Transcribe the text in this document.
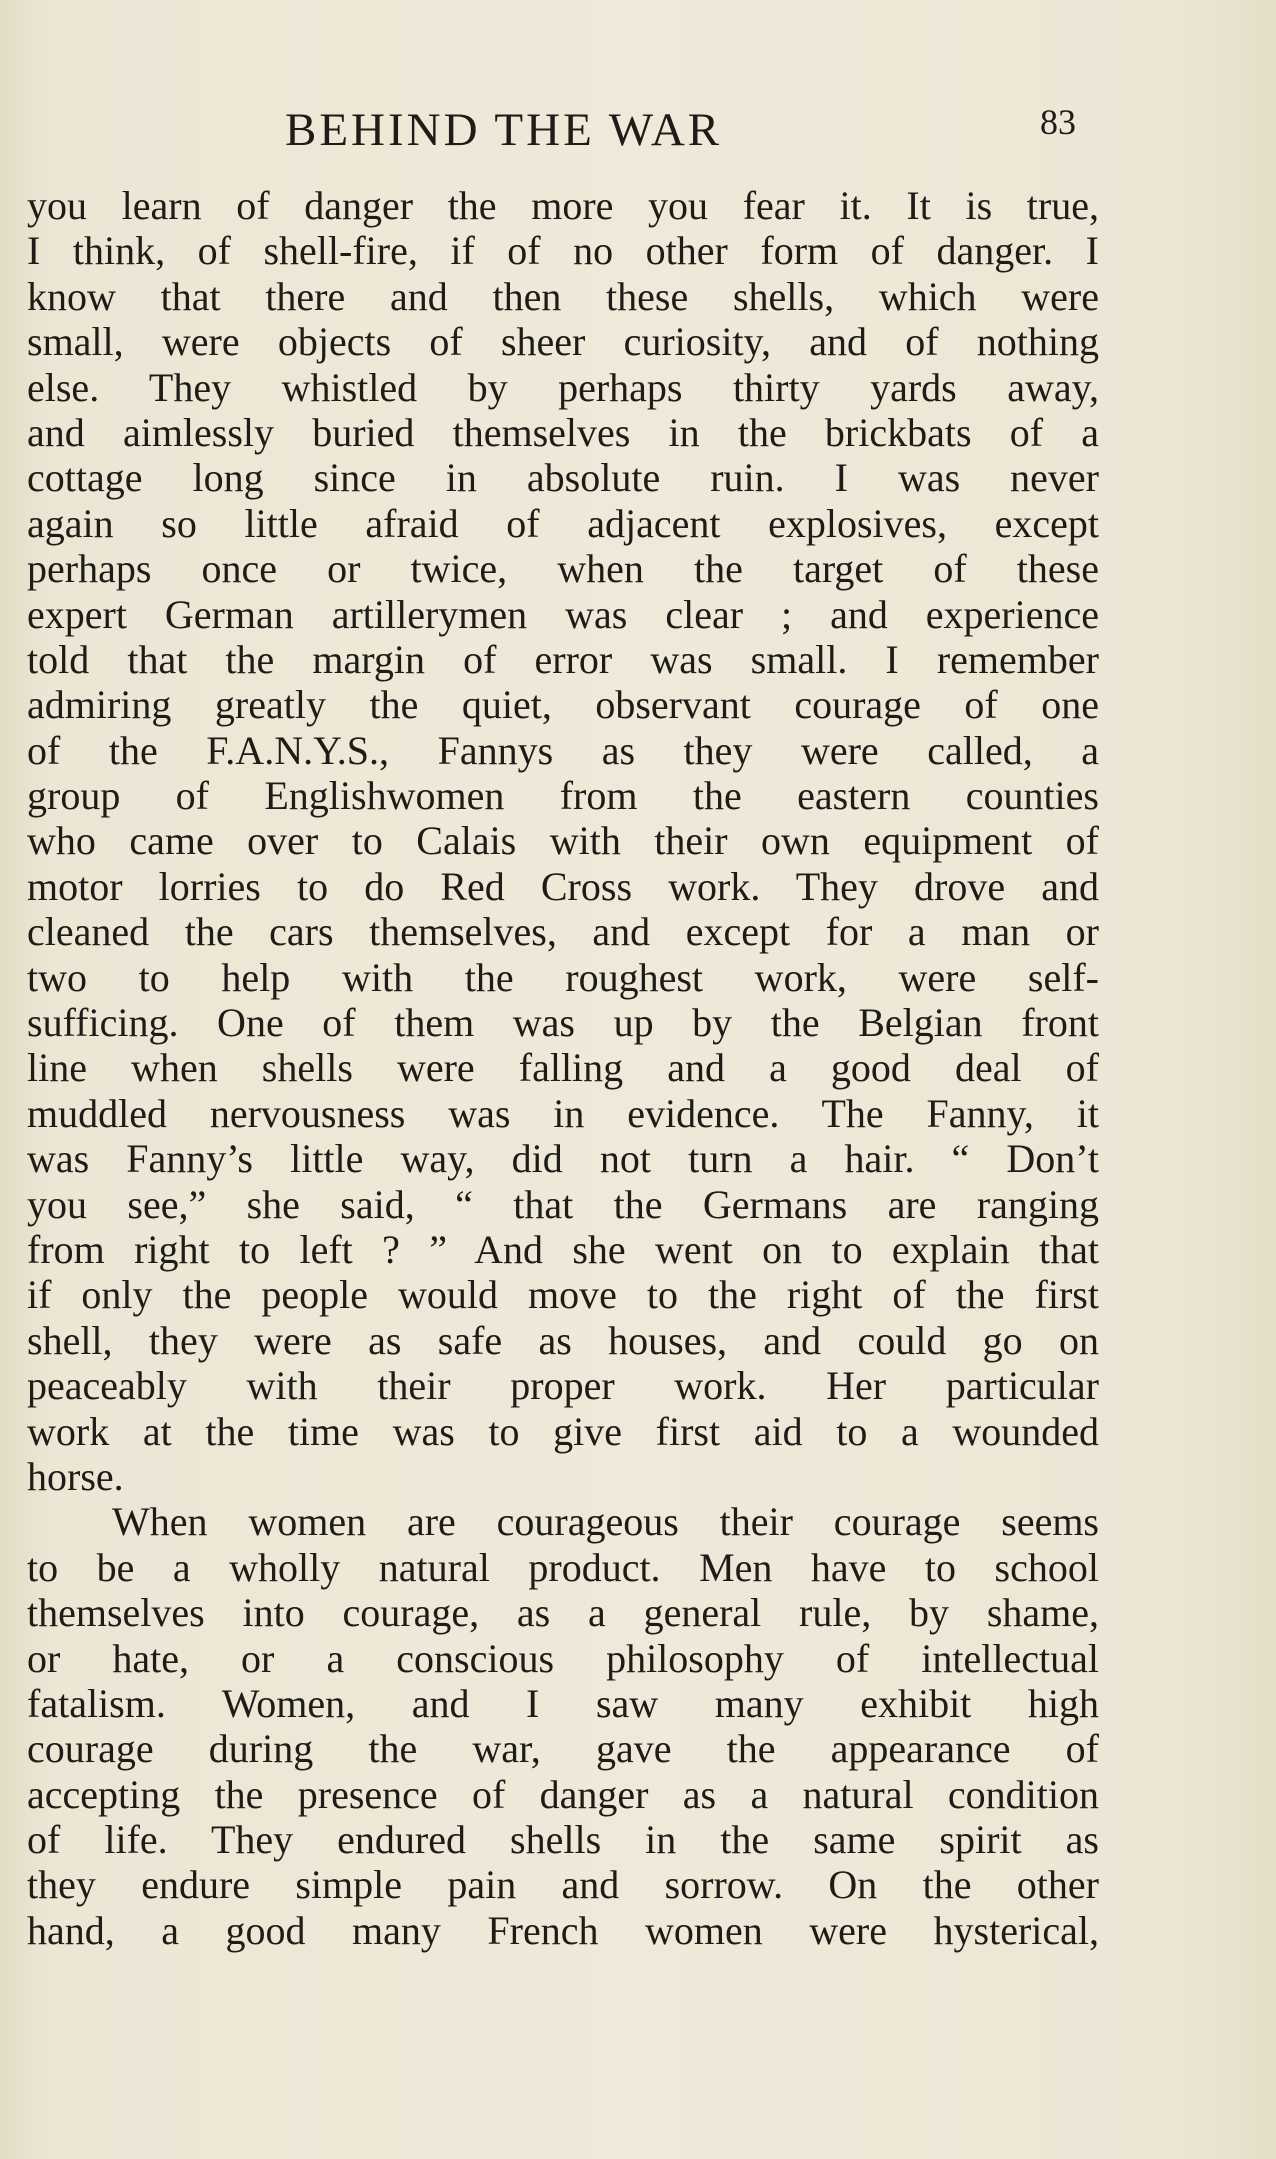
BEHIND THE WAR	83
you learn of danger the more you fear it. It is true,
I think, of shell-fire, if of no other form of danger. I
know that there and then these shells, which were
small, were objects of sheer curiosity, and of nothing
else. They whistled by perhaps thirty yards away,
and aimlessly buried themselves in the brickbats of a
cottage long since in absolute ruin. I was never
again so little afraid of adjacent explosives, except
perhaps once or twice, when the target of these
expert German artillerymen was clear ; and experience
told that the margin of error was small. I remember
admiring greatly the quiet, observant courage of one
of the F.A.N.Y.S., Fannys as they were called, a
group of Englishwomen from the eastern counties
who came over to Calais with their own equipment of
motor lorries to do Red Cross work. They drove and
cleaned the cars themselves, and except for a man or
two to help with the roughest work, were self-
sufficing. One of them was up by the Belgian front
line when shells were falling and a good deal of
muddled nervousness was in evidence. The Fanny, it
was Fanny’s little way, did not turn a hair. “ Don’t
you see,” she said, “ that the Germans are ranging
from right to left ? ” And she went on to explain that
if only the people would move to the right of the first
shell, they were as safe as houses, and could go on
peaceably with their proper work. Her particular
work at the time was to give first aid to a wounded
horse.
When women are courageous their courage seems
to be a wholly natural product. Men have to school
themselves into courage, as a general rule, by shame,
or hate, or a conscious philosophy of intellectual
fatalism. Women, and I saw many exhibit high
courage during the war, gave the appearance of
accepting the presence of danger as a natural condition
of life. They endured shells in the same spirit as
they endure simple pain and sorrow. On the other
hand, a good many French women were hysterical,
